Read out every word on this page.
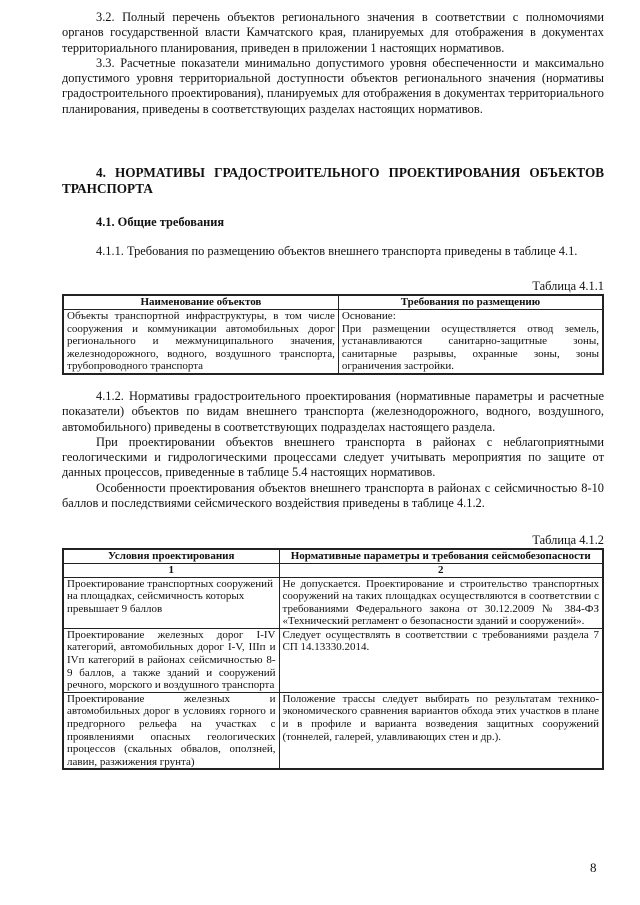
3.2. Полный перечень объектов регионального значения в соответствии с полномочиями органов государственной власти Камчатского края, планируемых для отображения в документах территориального планирования, приведен в приложении 1 настоящих нормативов.

3.3. Расчетные показатели минимально допустимого уровня обеспеченности и максимально допустимого уровня территориальной доступности объектов регионального значения (нормативы градостроительного проектирования), планируемых для отображения в документах территориального планирования, приведены в соответствующих разделах настоящих нормативов.

4. НОРМАТИВЫ ГРАДОСТРОИТЕЛЬНОГО ПРОЕКТИРОВАНИЯ ОБЪЕКТОВ ТРАНСПОРТА
4.1. Общие требования

4.1.1. Требования по размещению объектов внешнего транспорта приведены в таблице 4.1.

Таблица 4.1.1
Наименование объектов	Требования по размещению
Объекты транспортной инфраструктуры, в том числе сооружения и коммуникации автомобильных дорог регионального и межмуниципального значения, железнодорожного, водного, воздушного транспорта, трубопроводного транспорта	Основание:
При размещении осуществляется отвод земель, устанавливаются санитарно-защитные зоны, санитарные разрывы, охранные зоны, зоны ограничения застройки.

4.1.2. Нормативы градостроительного проектирования (нормативные параметры и расчетные показатели) объектов по видам внешнего транспорта (железнодорожного, водного, воздушного, автомобильного) приведены в соответствующих подразделах настоящего раздела.

При проектировании объектов внешнего транспорта в районах с неблагоприятными геологическими и гидрологическими процессами следует учитывать мероприятия по защите от данных процессов, приведенные в таблице 5.4 настоящих нормативов.

Особенности проектирования объектов внешнего транспорта в районах с сейсмичностью 8-10 баллов и последствиями сейсмического воздействия приведены в таблице 4.1.2.

Таблица 4.1.2
Условия проектирования	Нормативные параметры и требования сейсмобезопасности
1	2
Проектирование транспортных сооружений на площадках, сейсмичность которых превышает 9 баллов	Не допускается. Проектирование и строительство транспортных сооружений на таких площадках осуществляются в соответствии с требованиями Федерального закона от 30.12.2009 № 384-ФЗ «Технический регламент о безопасности зданий и сооружений».
Проектирование железных дорог I-IV категорий, автомобильных дорог I-V, IIIп и IVп категорий в районах сейсмичностью 8-9 баллов, а также зданий и сооружений речного, морского и воздушного транспорта	Следует осуществлять в соответствии с требованиями раздела 7 СП 14.13330.2014.
Проектирование железных и автомобильных дорог в условиях горного и предгорного рельефа на участках с проявлениями опасных геологических процессов (скальных обвалов, оползней, лавин, разжижения грунта)	Положение трассы следует выбирать по результатам технико-экономического сравнения вариантов обхода этих участков в плане и в профиле и варианта возведения защитных сооружений (тоннелей, галерей, улавливающих стен и др.).
8
